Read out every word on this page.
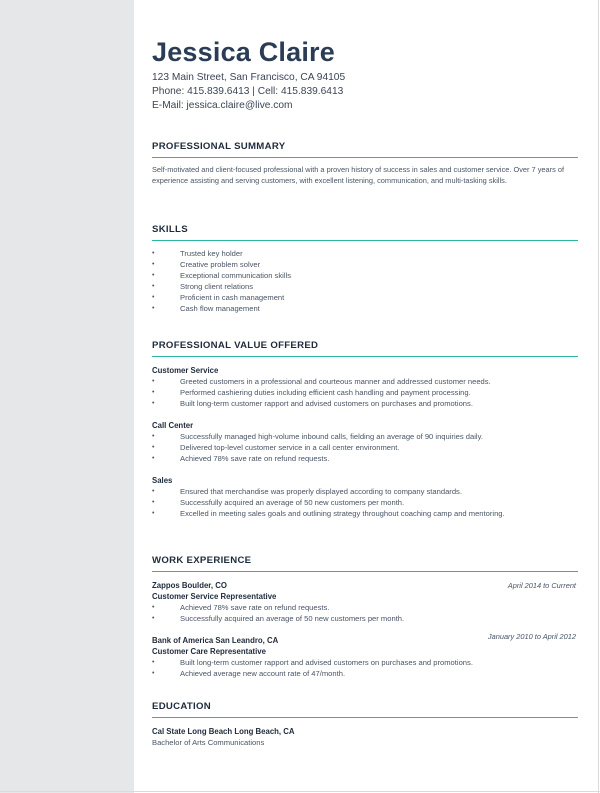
Jessica Claire
123 Main Street, San Francisco, CA 94105
Phone: 415.839.6413 | Cell: 415.839.6413
E-Mail: jessica.claire@live.com
PROFESSIONAL SUMMARY
Self-motivated and client-focused professional with a proven history of success in sales and customer service. Over 7 years of experience assisting and serving customers, with excellent listening, communication, and multi-tasking skills.
SKILLS
•	Trusted key holder
•	Creative problem solver
•	Exceptional communication skills
•	Strong client relations
•	Proficient in cash management
•	Cash flow management
PROFESSIONAL VALUE OFFERED
Customer Service
•	Greeted customers in a professional and courteous manner and addressed customer needs.
•	Performed cashiering duties including efficient cash handling and payment processing.
•	Built long-term customer rapport and advised customers on purchases and promotions.
Call Center
•	Successfully managed high-volume inbound calls, fielding an average of 90 inquiries daily.
•	Delivered top-level customer service in a call center environment.
•	Achieved 78% save rate on refund requests.
Sales
•	Ensured that merchandise was properly displayed according to company standards.
•	Successfully acquired an average of 50 new customers per month.
•	Excelled in meeting sales goals and outlining strategy throughout coaching camp and mentoring.
WORK EXPERIENCE
April 2014 to Current
Zappos Boulder, CO
Customer Service Representative
•	Achieved 78% save rate on refund requests.
•	Successfully acquired an average of 50 new customers per month.
January 2010 to April 2012
Bank of America San Leandro, CA
Customer Care Representative
•	Built long-term customer rapport and advised customers on purchases and promotions.
•	Achieved average new account rate of 47/month.
EDUCATION
Cal State Long Beach Long Beach, CA
Bachelor of Arts Communications
